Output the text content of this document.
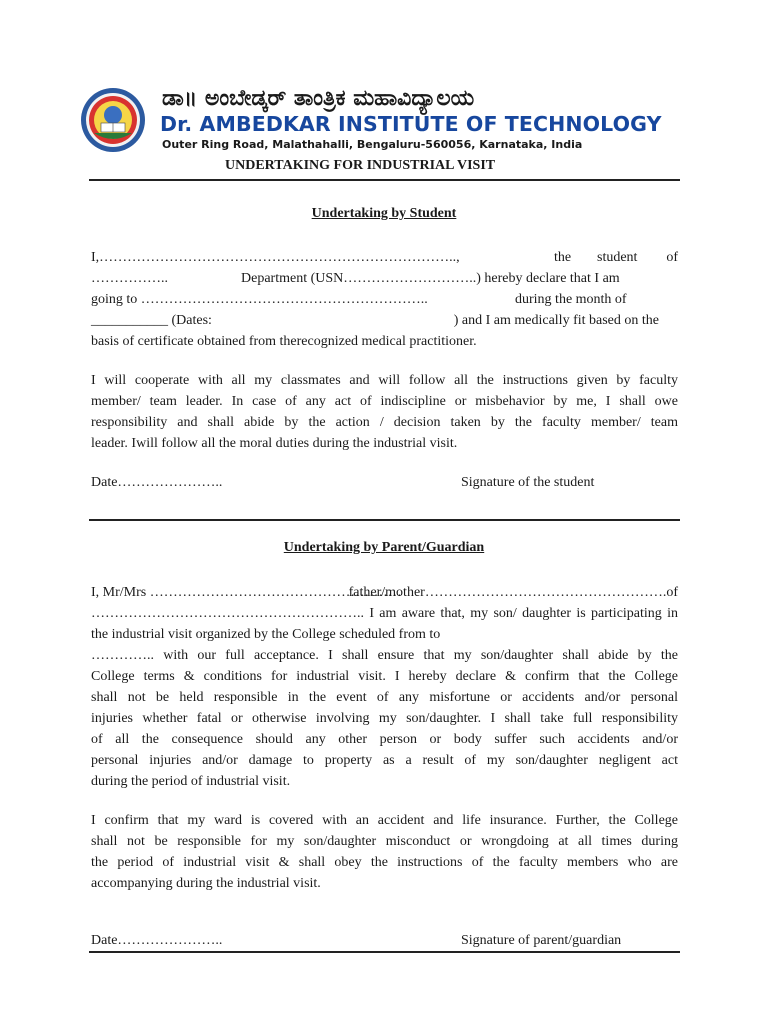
ಡಾ॥ ಅಂಬೇಡ್ಕರ್ ತಾಂತ್ರಿಕ ಮಹಾವಿದ್ಯಾಲಯ
Dr. AMBEDKAR INSTITUTE OF TECHNOLOGY
Outer Ring Road, Malathahalli, Bengaluru-560056, Karnataka, India
UNDERTAKING FOR INDUSTRIAL VISIT
Undertaking by Student
I,…………………………………………………………………..,	the student of
……………..	Department (USN………………………..) hereby declare that I am
going to ……………………………………………………..	during the month of
___________ (Dates:	) and I am medically fit based on the
basis of certificate obtained from therecognized medical practitioner.
I will cooperate with all my classmates and will follow all the instructions given by faculty
member/ team leader. In case of any act of indiscipline or misbehavior by me, I shall owe
responsibility and shall abide by the action / decision taken by the faculty member/ team
leader. Iwill follow all the moral duties during the industrial visit.
Date…………………..	Signature of the student
Undertaking by Parent/Guardian
I, Mr/Mrs ………………………………………………
father/mother…………………………………………….of
………………………………………………….. I am aware that, my son/ daughter is participating in
the industrial visit organized by the College scheduled from to
………….. with our full acceptance. I shall ensure that my son/daughter shall abide by the
College terms & conditions for industrial visit. I hereby declare & confirm that the College
shall not be held responsible in the event of any misfortune or accidents and/or personal
injuries whether fatal or otherwise involving my son/daughter. I shall take full responsibility
of all the consequence should any other person or body suffer such accidents and/or
personal injuries and/or damage to property as a result of my son/daughter negligent act
during the period of industrial visit.
I confirm that my ward is covered with an accident and life insurance. Further, the College
shall not be responsible for my son/daughter misconduct or wrongdoing at all times during
the period of industrial visit & shall obey the instructions of the faculty members who are
accompanying during the industrial visit.
Date…………………..	Signature of parent/guardian
